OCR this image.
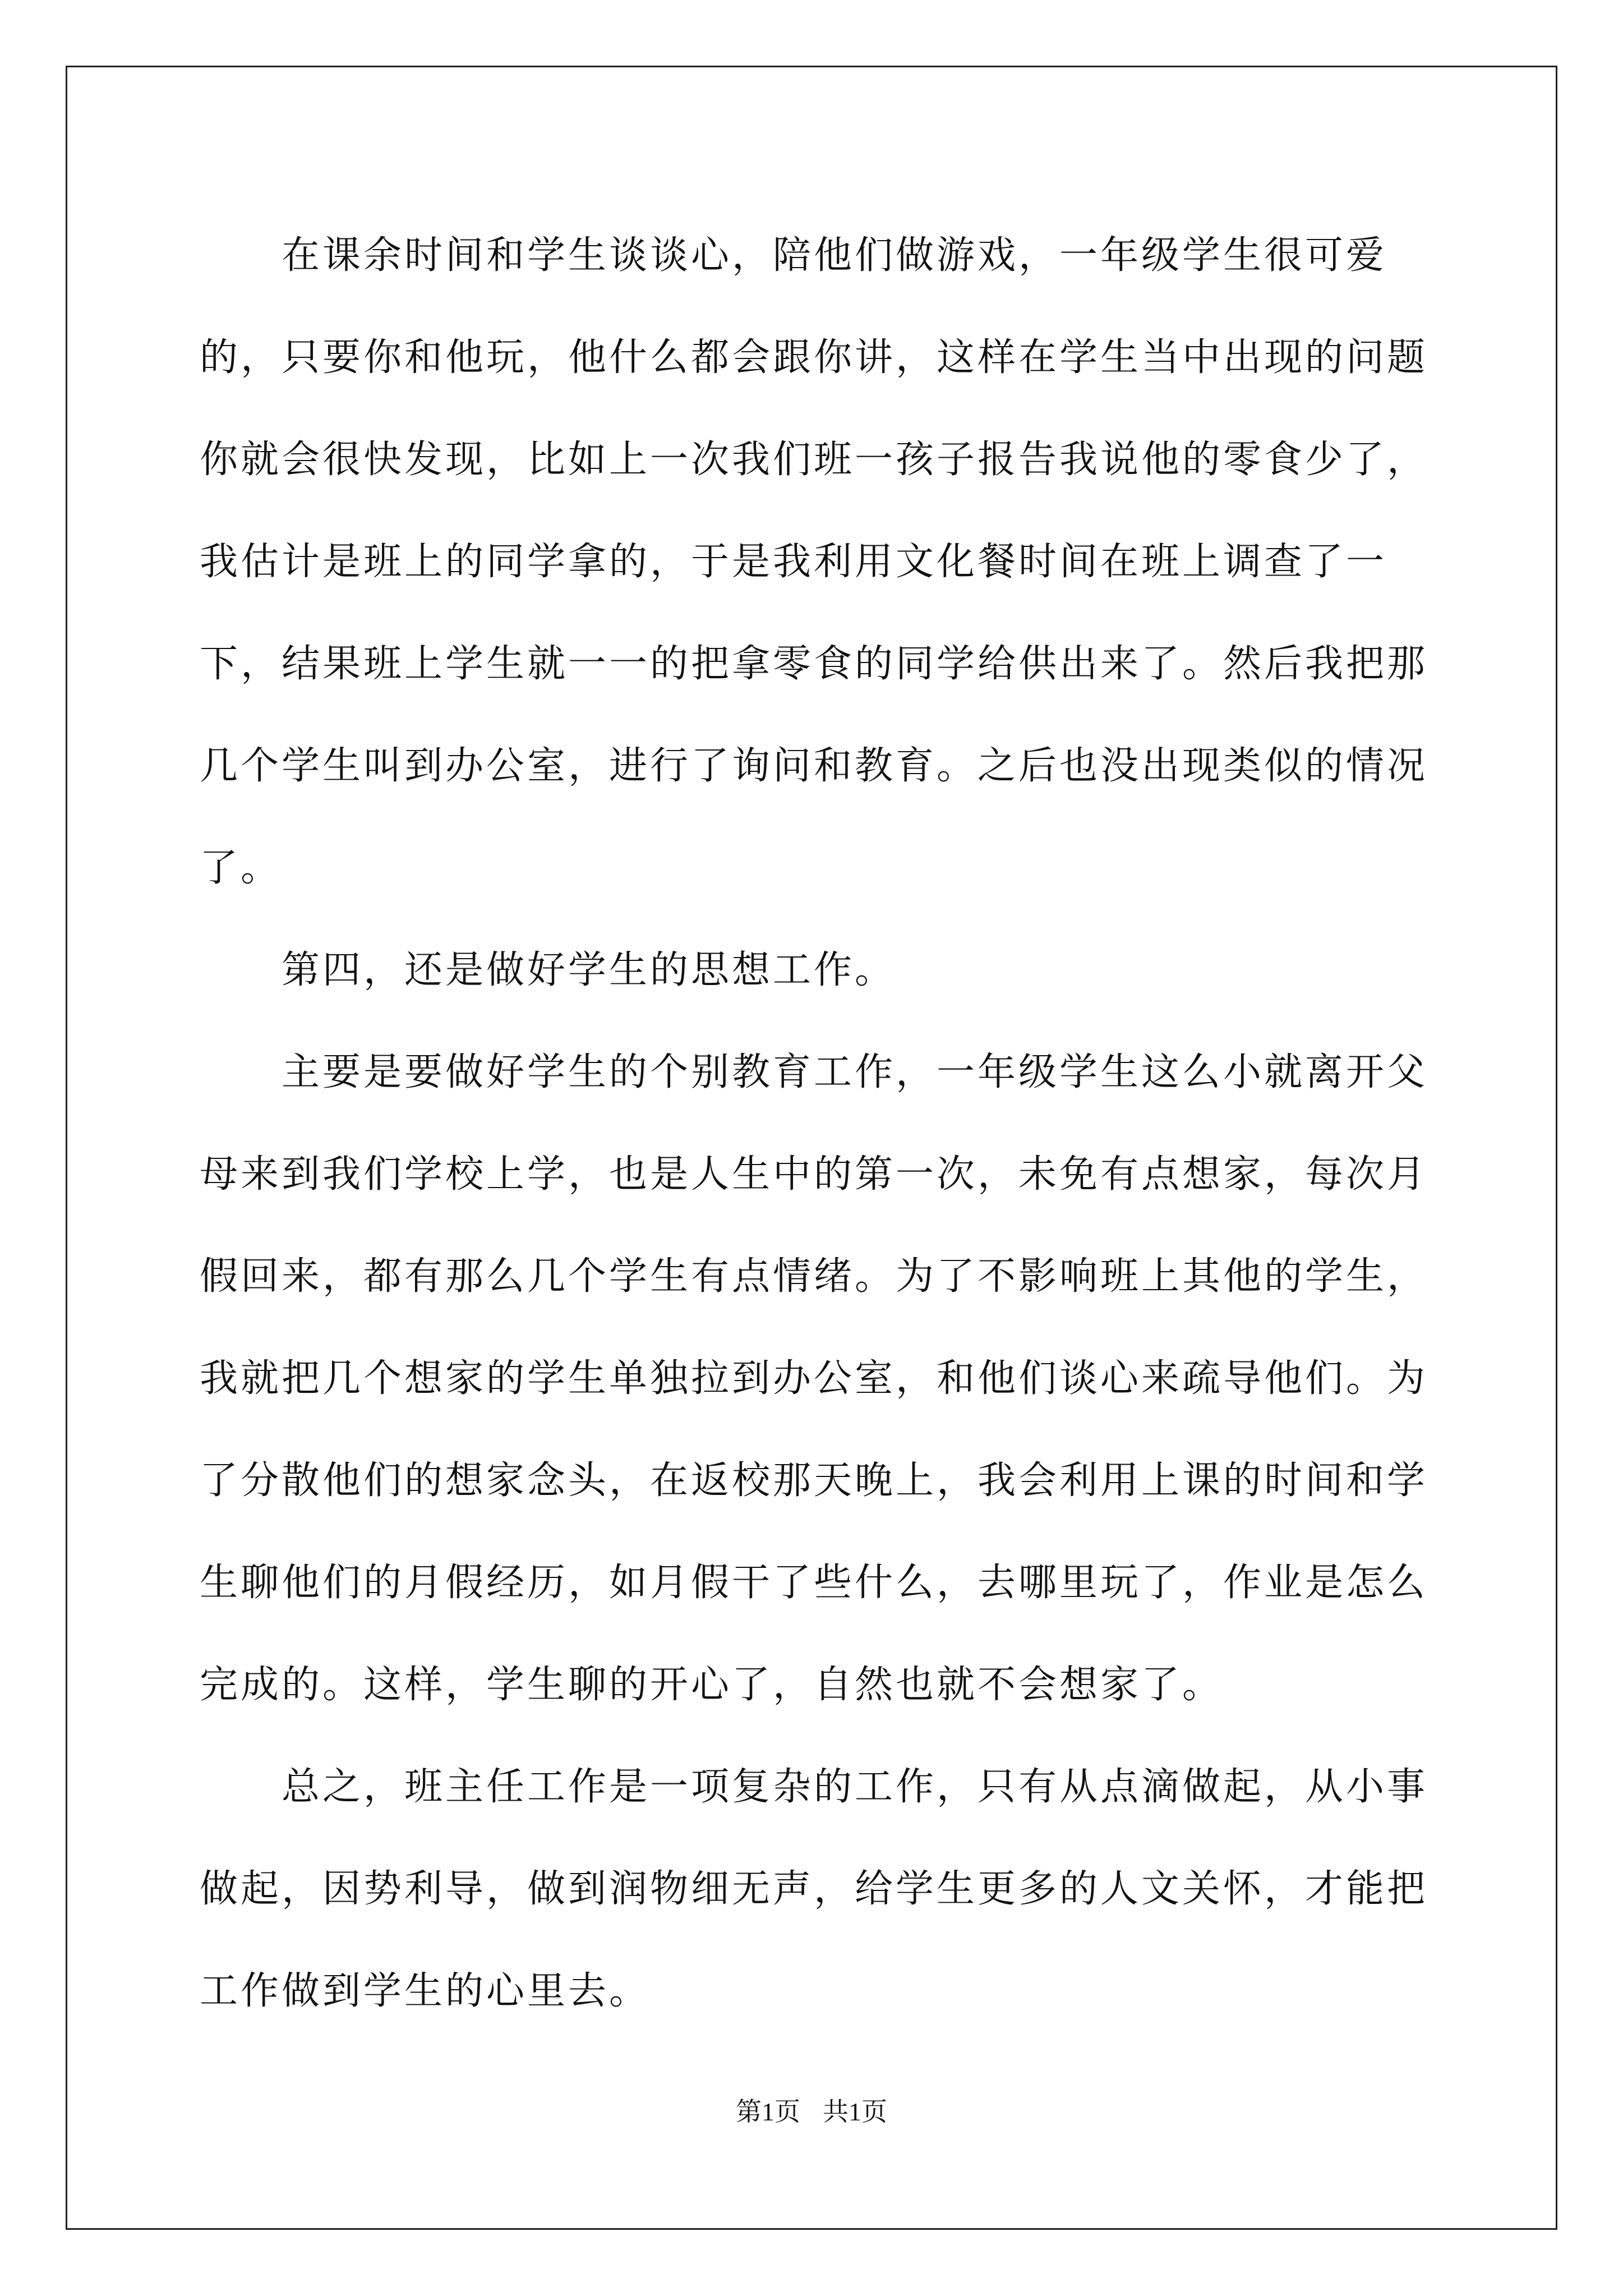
在课余时间和学生谈谈心，陪他们做游戏，一年级学生很可爱的，只要你和他玩，他什么都会跟你讲，这样在学生当中出现的问题你就会很快发现，比如上一次我们班一孩子报告我说他的零食少了，我估计是班上的同学拿的，于是我利用文化餐时间在班上调查了一下，结果班上学生就一一的把拿零食的同学给供出来了。然后我把那几个学生叫到办公室，进行了询问和教育。之后也没出现类似的情况了。

第四，还是做好学生的思想工作。

主要是要做好学生的个别教育工作，一年级学生这么小就离开父母来到我们学校上学，也是人生中的第一次，未免有点想家，每次月假回来，都有那么几个学生有点情绪。为了不影响班上其他的学生，我就把几个想家的学生单独拉到办公室，和他们谈心来疏导他们。为了分散他们的想家念头，在返校那天晚上，我会利用上课的时间和学生聊他们的月假经历，如月假干了些什么，去哪里玩了，作业是怎么完成的。这样，学生聊的开心了，自然也就不会想家了。

总之，班主任工作是一项复杂的工作，只有从点滴做起，从小事做起，因势利导，做到润物细无声，给学生更多的人文关怀，才能把工作做到学生的心里去。

第1页 共1页
